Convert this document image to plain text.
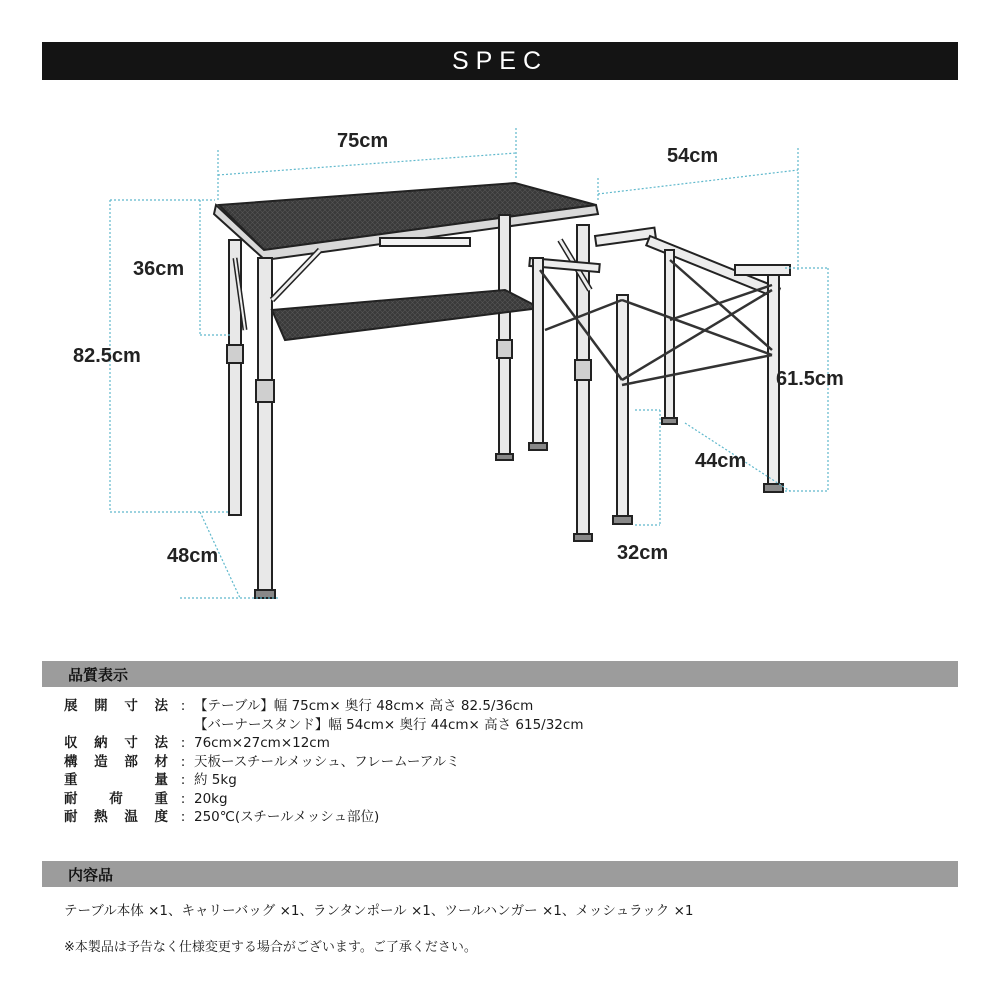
SPEC
75cm
54cm
36cm
82.5cm
61.5cm
44cm
48cm	32cm
品質表示
展 開 寸 法 : 【テーブル】幅 75cm× 奥行 48cm× 高さ 82.5/36cm
【バーナースタンド】幅 54cm× 奥行 44cm× 高さ 615/32cm
収 納 寸 法 : 76cm×27cm×12cm
構 造 部 材 : 天板ースチールメッシュ、フレームーアルミ
重	量 : 約 5kg
耐 荷 重 : 20kg
耐 熱 温 度 : 250℃(スチールメッシュ部位)
内容品
テーブル本体 ×1、キャリーバッグ ×1、ランタンポール ×1、ツールハンガー ×1、メッシュラック ×1
※本製品は予告なく仕様変更する場合がございます。ご了承ください。
